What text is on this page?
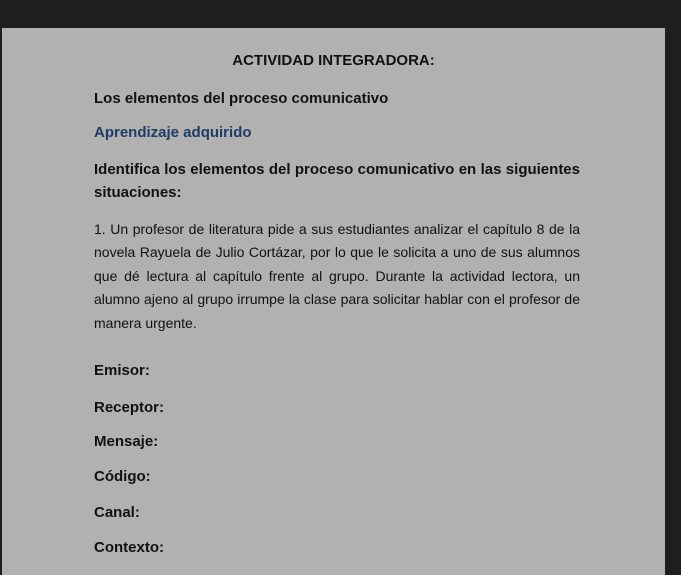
ACTIVIDAD INTEGRADORA:
Los elementos del proceso comunicativo
Aprendizaje adquirido
Identifica los elementos del proceso comunicativo en las siguientes situaciones:
1. Un profesor de literatura pide a sus estudiantes analizar el capítulo 8 de la novela Rayuela de Julio Cortázar, por lo que le solicita a uno de sus alumnos que dé lectura al capítulo frente al grupo. Durante la actividad lectora, un alumno ajeno al grupo irrumpe la clase para solicitar hablar con el profesor de manera urgente.
Emisor:
Receptor:
Mensaje:
Código:
Canal:
Contexto:
